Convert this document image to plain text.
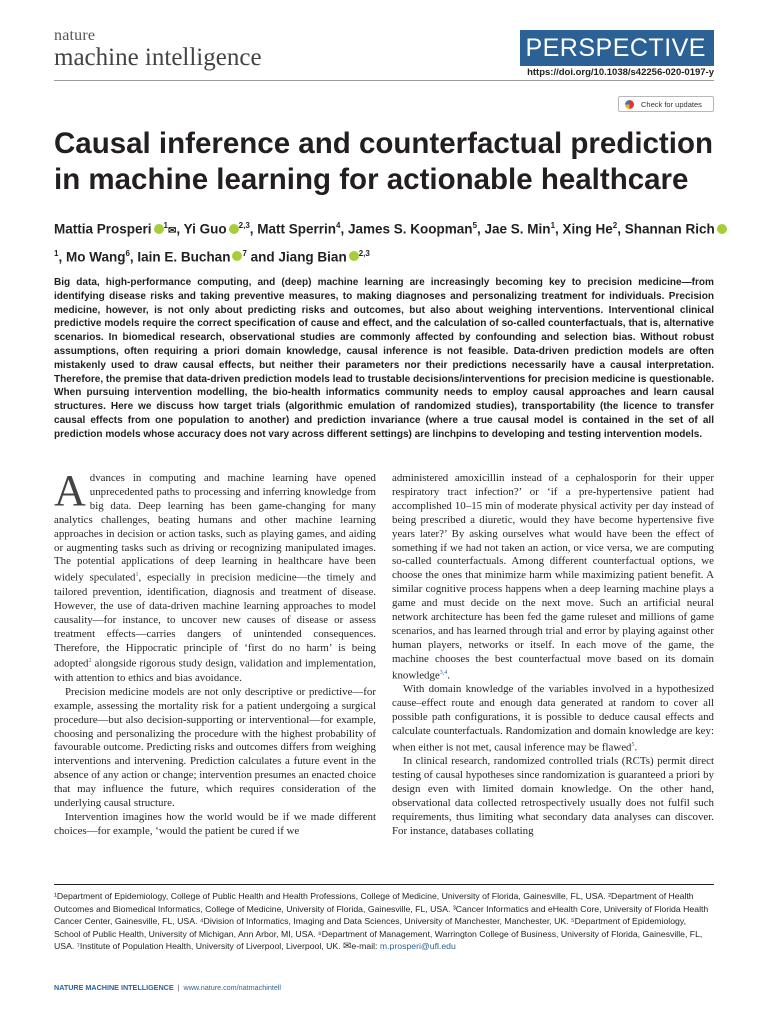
nature
machine intelligence	PERSPECTIVE
https://doi.org/10.1038/s42256-020-0197-y
Check for updates
Causal inference and counterfactual prediction in machine learning for actionable healthcare
Mattia Prosperi $^1$✉, Yi Guo $^{2,3}$, Matt Sperrin$^4$, James S. Koopman$^5$, Jae S. Min$^1$, Xing He$^2$, Shannan Rich$^1$, Mo Wang$^6$, Iain E. Buchan $^7$ and Jiang Bian $^{2,3}$

Big data, high-performance computing, and (deep) machine learning are increasingly becoming key to precision medicine—from identifying disease risks and taking preventive measures, to making diagnoses and personalizing treatment for individuals. Precision medicine, however, is not only about predicting risks and outcomes, but also about weighing interventions. Interventional clinical predictive models require the correct specification of cause and effect, and the calculation of so-called counterfactuals, that is, alternative scenarios. In biomedical research, observational studies are commonly affected by confounding and selection bias. Without robust assumptions, often requiring a priori domain knowledge, causal inference is not feasible. Data-driven prediction models are often mistakenly used to draw causal effects, but neither their parameters nor their predictions necessarily have a causal interpretation. Therefore, the premise that data-driven prediction models lead to trustable decisions/interventions for precision medicine is questionable. When pursuing intervention modelling, the bio-health informatics community needs to employ causal approaches and learn causal structures. Here we discuss how target trials (algorithmic emulation of randomized studies), transportability (the licence to transfer causal effects from one population to another) and prediction invariance (where a true causal model is contained in the set of all prediction models whose accuracy does not vary across different settings) are linchpins to developing and testing intervention models.

Advances in computing and machine learning have opened unprecedented paths to processing and inferring knowledge from big data. Deep learning has been game-changing for many analytics challenges, beating humans and other machine learning approaches in decision or action tasks, such as playing games, and aiding or augmenting tasks such as driving or recognizing manipulated images. The potential applications of deep learning in healthcare have been widely speculated$^1$, especially in precision medicine—the timely and tailored prevention, identification, diagnosis and treatment of disease. However, the use of data-driven machine learning approaches to model causality—for instance, to uncover new causes of disease or assess treatment effects—carries dangers of unintended consequences. Therefore, the Hippocratic principle of ‘first do no harm’ is being adopted$^2$ alongside rigorous study design, validation and implementation, with attention to ethics and bias avoidance.

Precision medicine models are not only descriptive or predictive—for example, assessing the mortality risk for a patient undergoing a surgical procedure—but also decision-supporting or interventional—for example, choosing and personalizing the procedure with the highest probability of favourable outcome. Predicting risks and outcomes differs from weighing interventions and intervening. Prediction calculates a future event in the absence of any action or change; intervention presumes an enacted choice that may influence the future, which requires consideration of the underlying causal structure.

Intervention imagines how the world would be if we made different choices—for example, ‘would the patient be cured if we

administered amoxicillin instead of a cephalosporin for their upper respiratory tract infection?’ or ‘if a pre-hypertensive patient had accomplished 10–15 min of moderate physical activity per day instead of being prescribed a diuretic, would they have become hypertensive five years later?’ By asking ourselves what would have been the effect of something if we had not taken an action, or vice versa, we are computing so-called counterfactuals. Among different counterfactual options, we choose the ones that minimize harm while maximizing patient benefit. A similar cognitive process happens when a deep learning machine plays a game and must decide on the next move. Such an artificial neural network architecture has been fed the game ruleset and millions of game scenarios, and has learned through trial and error by playing against other human players, networks or itself. In each move of the game, the machine chooses the best counterfactual move based on its domain knowledge$^{3,4}$.

With domain knowledge of the variables involved in a hypothesized cause–effect route and enough data generated at random to cover all possible path configurations, it is possible to deduce causal effects and calculate counterfactuals. Randomization and domain knowledge are key: when either is not met, causal inference may be flawed$^5$.

In clinical research, randomized controlled trials (RCTs) permit direct testing of causal hypotheses since randomization is guaranteed a priori by design even with limited domain knowledge. On the other hand, observational data collected retrospectively usually does not fulfil such requirements, thus limiting what secondary data analyses can discover. For instance, databases collating

¹Department of Epidemiology, College of Public Health and Health Professions, College of Medicine, University of Florida, Gainesville, FL, USA. ²Department of Health Outcomes and Biomedical Informatics, College of Medicine, University of Florida, Gainesville, FL, USA. ³Cancer Informatics and eHealth Core, University of Florida Health Cancer Center, Gainesville, FL, USA. ⁴Division of Informatics, Imaging and Data Sciences, University of Manchester, Manchester, UK. ⁵Department of Epidemiology, School of Public Health, University of Michigan, Ann Arbor, MI, USA. ⁶Department of Management, Warrington College of Business, University of Florida, Gainesville, FL, USA. ⁷Institute of Population Health, University of Liverpool, Liverpool, UK. ✉e-mail: m.prosperi@ufl.edu

NATURE MACHINE INTELLIGENCE | www.nature.com/natmachintell
